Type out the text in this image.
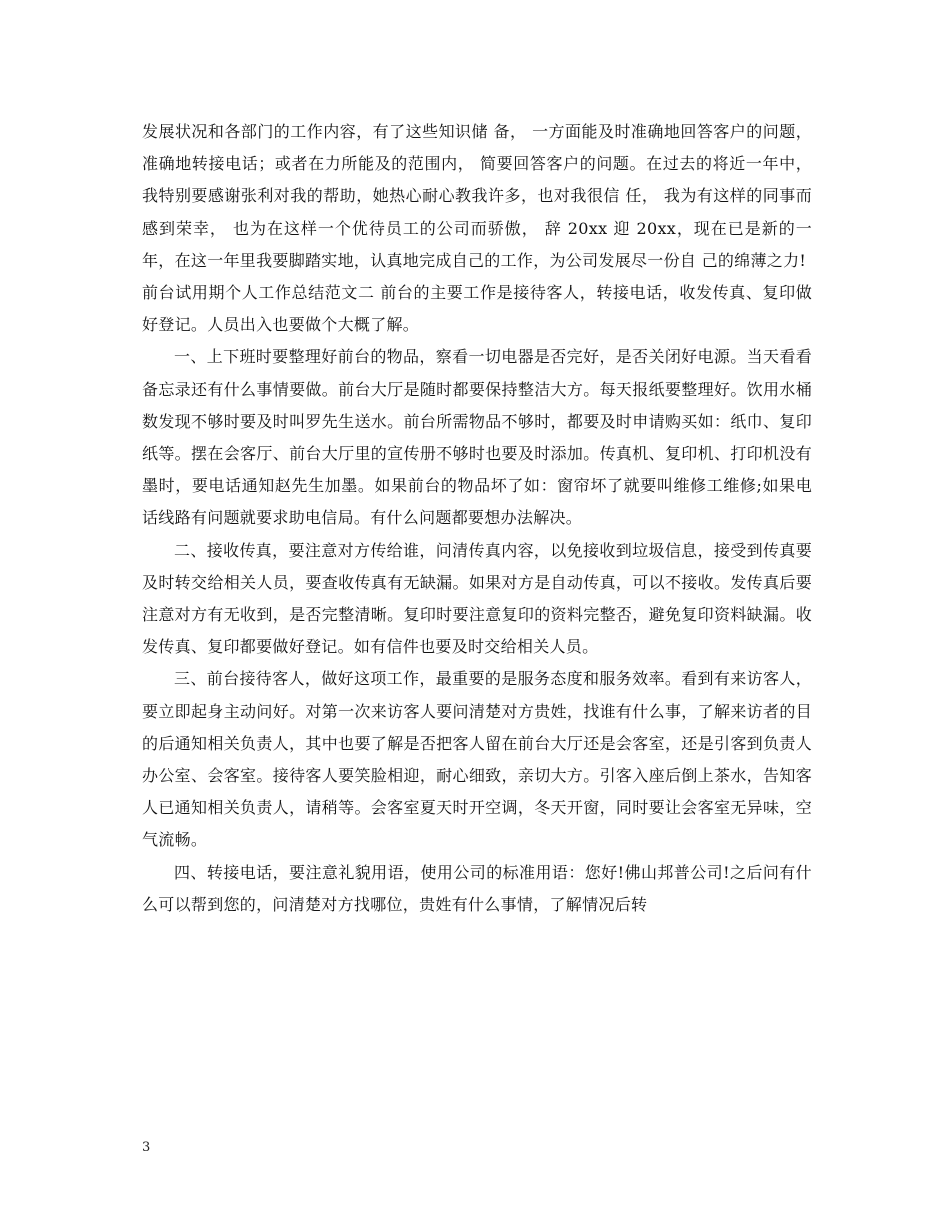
发展状况和各部门的工作内容，有了这些知识储 备， 一方面能及时准确地回答客户的问题， 准确地转接电话；或者在力所能及的范围内， 简要回答客户的问题。在过去的将近一年中，我特别要感谢张利对我的帮助，她热心耐心教我许多，也对我很信 任， 我为有这样的同事而感到荣幸， 也为在这样一个优待员工的公司而骄傲， 辞 20xx 迎 20xx，现在已是新的一年，在这一年里我要脚踏实地，认真地完成自己的工作，为公司发展尽一份自 己的绵薄之力!

前台试用期个人工作总结范文二 前台的主要工作是接待客人，转接电话，收发传真、复印做好登记。人员出入也要做个大概了解。

一、上下班时要整理好前台的物品，察看一切电器是否完好，是否关闭好电源。当天看看备忘录还有什么事情要做。前台大厅是随时都要保持整洁大方。每天报纸要整理好。饮用水桶数发现不够时要及时叫罗先生送水。前台所需物品不够时，都要及时申请购买如：纸巾、复印纸等。摆在会客厅、前台大厅里的宣传册不够时也要及时添加。传真机、复印机、打印机没有墨时，要电话通知赵先生加墨。如果前台的物品坏了如：窗帘坏了就要叫维修工维修;如果电话线路有问题就要求助电信局。有什么问题都要想办法解决。

二、接收传真，要注意对方传给谁，问清传真内容，以免接收到垃圾信息，接受到传真要及时转交给相关人员，要查收传真有无缺漏。如果对方是自动传真，可以不接收。发传真后要注意对方有无收到，是否完整清晰。复印时要注意复印的资料完整否，避免复印资料缺漏。收发传真、复印都要做好登记。如有信件也要及时交给相关人员。

三、前台接待客人，做好这项工作，最重要的是服务态度和服务效率。看到有来访客人，要立即起身主动问好。对第一次来访客人要问清楚对方贵姓，找谁有什么事，了解来访者的目的后通知相关负责人，其中也要了解是否把客人留在前台大厅还是会客室，还是引客到负责人办公室、会客室。接待客人要笑脸相迎，耐心细致，亲切大方。引客入座后倒上茶水，告知客人已通知相关负责人，请稍等。会客室夏天时开空调，冬天开窗，同时要让会客室无异味，空气流畅。

四、转接电话，要注意礼貌用语，使用公司的标准用语：您好!佛山邦普公司!之后问有什么可以帮到您的，问清楚对方找哪位，贵姓有什么事情，了解情况后转

3
